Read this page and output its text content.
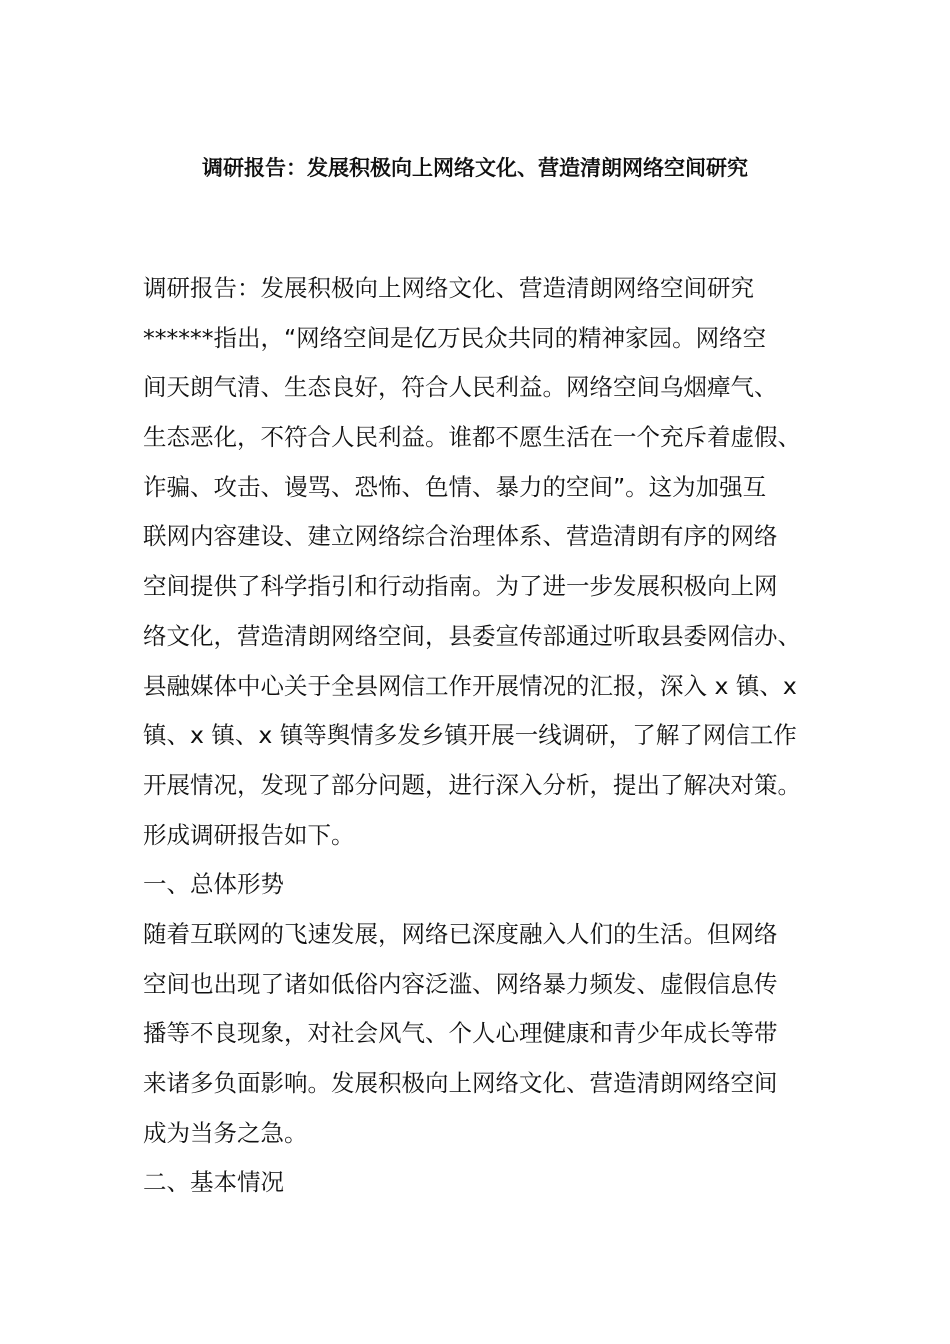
调研报告：发展积极向上网络文化、营造清朗网络空间研究
调研报告：发展积极向上网络文化、营造清朗网络空间研究
******指出，“网络空间是亿万民众共同的精神家园。网络空
间天朗气清、生态良好，符合人民利益。网络空间乌烟瘴气、
生态恶化，不符合人民利益。谁都不愿生活在一个充斥着虚假、
诈骗、攻击、谩骂、恐怖、色情、暴力的空间”。这为加强互
联网内容建设、建立网络综合治理体系、营造清朗有序的网络
空间提供了科学指引和行动指南。为了进一步发展积极向上网
络文化，营造清朗网络空间，县委宣传部通过听取县委网信办、
县融媒体中心关于全县网信工作开展情况的汇报，深入 x 镇、x
镇、x 镇、x 镇等舆情多发乡镇开展一线调研，了解了网信工作
开展情况，发现了部分问题，进行深入分析，提出了解决对策。
形成调研报告如下。
一、总体形势
随着互联网的飞速发展，网络已深度融入人们的生活。但网络
空间也出现了诸如低俗内容泛滥、网络暴力频发、虚假信息传
播等不良现象，对社会风气、个人心理健康和青少年成长等带
来诸多负面影响。发展积极向上网络文化、营造清朗网络空间
成为当务之急。
二、基本情况
